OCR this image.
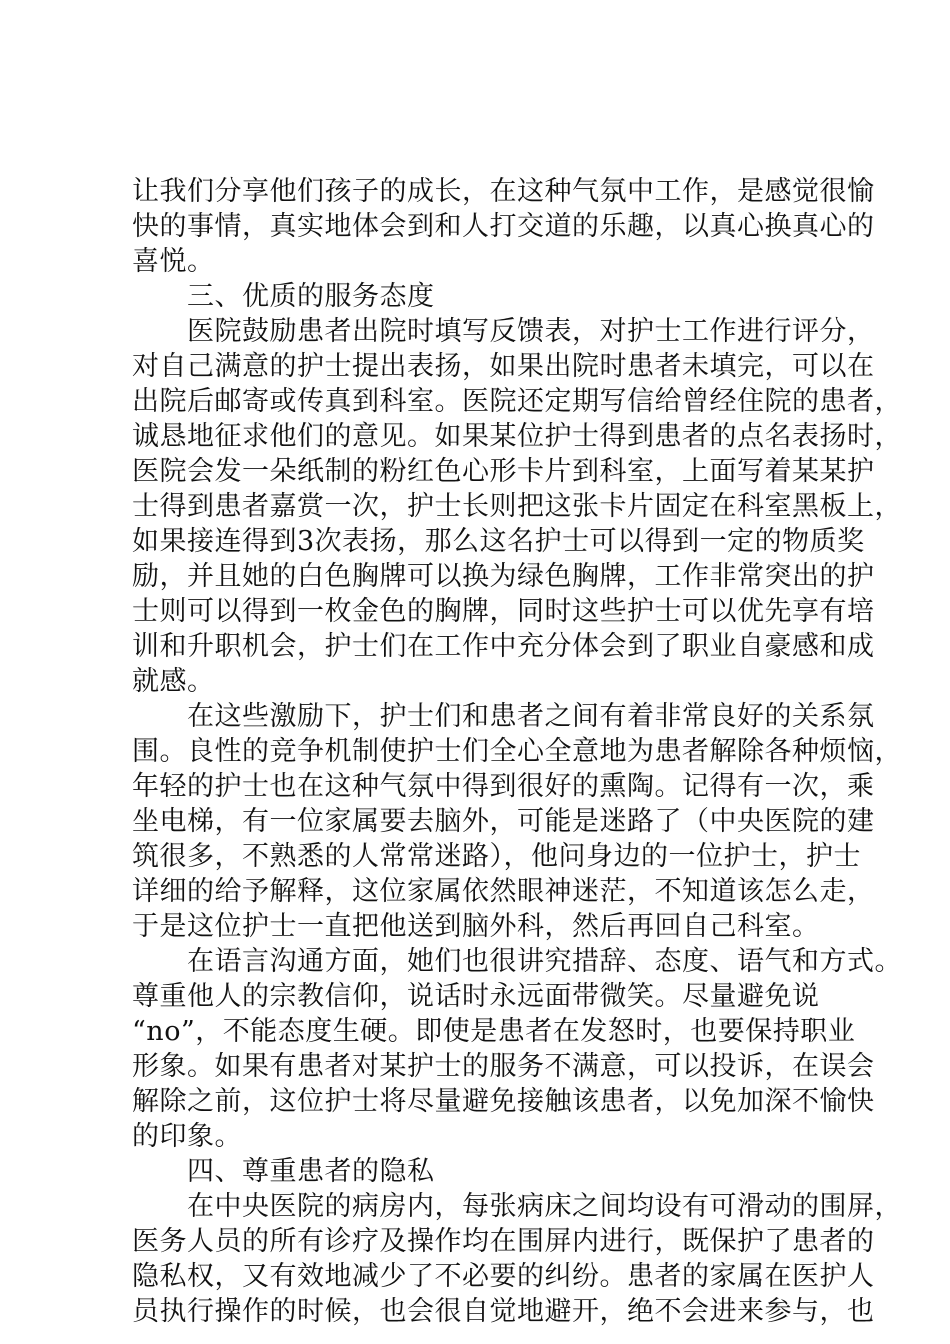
让我们分享他们孩子的成长，在这种气氛中工作，是感觉很愉
快的事情，真实地体会到和人打交道的乐趣，以真心换真心的
喜悦。
　　三、优质的服务态度
　　医院鼓励患者出院时填写反馈表，对护士工作进行评分，
对自己满意的护士提出表扬，如果出院时患者未填完，可以在
出院后邮寄或传真到科室。医院还定期写信给曾经住院的患者，
诚恳地征求他们的意见。如果某位护士得到患者的点名表扬时，
医院会发一朵纸制的粉红色心形卡片到科室，上面写着某某护
士得到患者嘉赏一次，护士长则把这张卡片固定在科室黑板上，
如果接连得到3次表扬，那么这名护士可以得到一定的物质奖
励，并且她的白色胸牌可以换为绿色胸牌，工作非常突出的护
士则可以得到一枚金色的胸牌，同时这些护士可以优先享有培
训和升职机会，护士们在工作中充分体会到了职业自豪感和成
就感。
　　在这些激励下，护士们和患者之间有着非常良好的关系氛
围。良性的竞争机制使护士们全心全意地为患者解除各种烦恼，
年轻的护士也在这种气氛中得到很好的熏陶。记得有一次，乘
坐电梯，有一位家属要去脑外，可能是迷路了（中央医院的建
筑很多，不熟悉的人常常迷路），他问身边的一位护士，护士
详细的给予解释，这位家属依然眼神迷茫，不知道该怎么走，
于是这位护士一直把他送到脑外科，然后再回自己科室。
　　在语言沟通方面，她们也很讲究措辞、态度、语气和方式。
尊重他人的宗教信仰，说话时永远面带微笑。尽量避免说
“no”，不能态度生硬。即使是患者在发怒时，也要保持职业
形象。如果有患者对某护士的服务不满意，可以投诉，在误会
解除之前，这位护士将尽量避免接触该患者，以免加深不愉快
的印象。
　　四、尊重患者的隐私
　　在中央医院的病房内，每张病床之间均设有可滑动的围屏，
医务人员的所有诊疗及操作均在围屏内进行，既保护了患者的
隐私权，又有效地减少了不必要的纠纷。患者的家属在医护人
员执行操作的时候，也会很自觉地避开，绝不会进来参与，也
